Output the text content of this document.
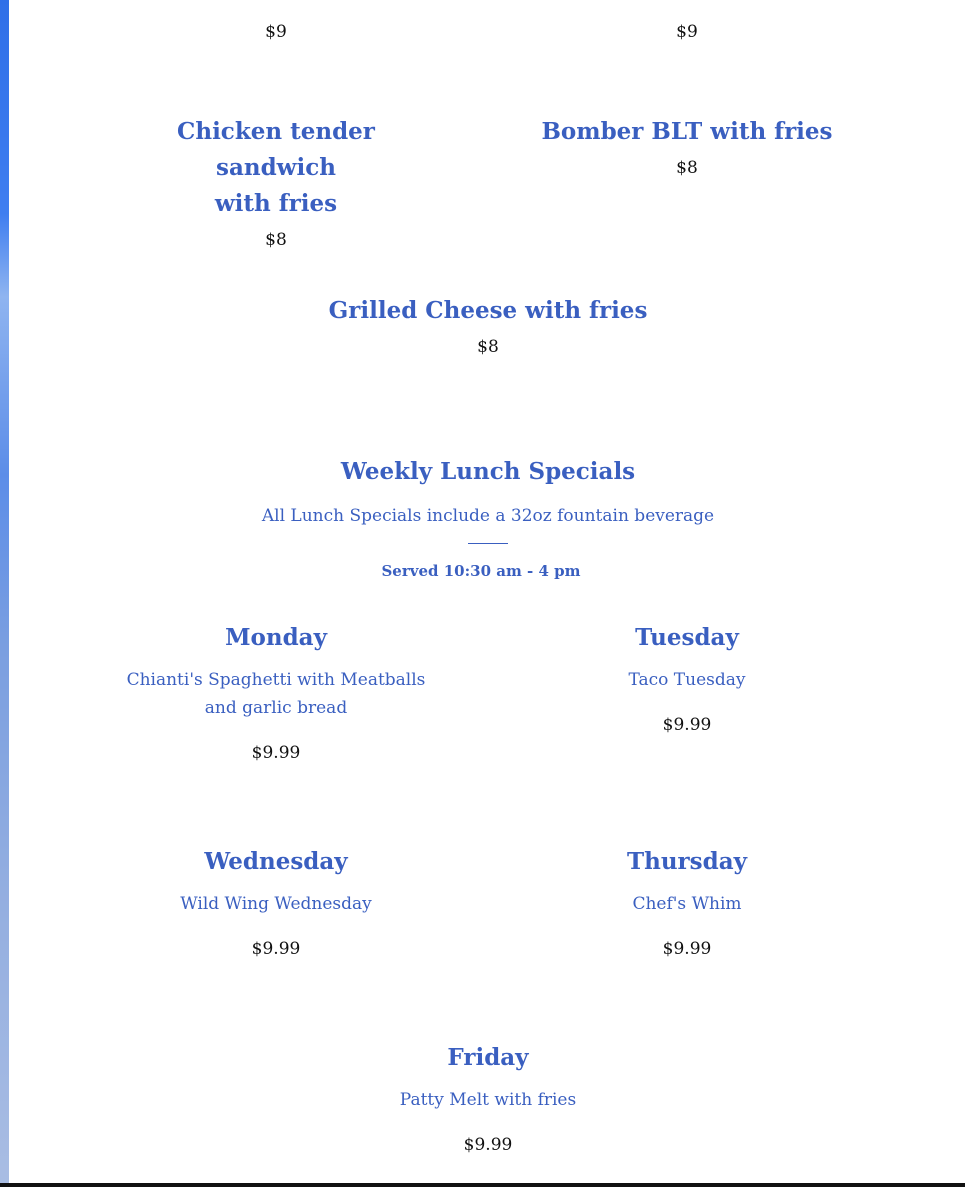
$9	$9

Chicken tender sandwich

with fries

$8

Bomber BLT with fries

$8

Grilled Cheese with fries

$8

Weekly Lunch Specials

All Lunch Specials include a 32oz fountain beverage

Served 10:30 am - 4 pm

Monday

Chianti's Spaghetti with Meatballs

and garlic bread

$9.99

Tuesday

Taco Tuesday

$9.99

Wednesday

Wild Wing Wednesday

$9.99

Thursday

Chef's Whim

$9.99

Friday

Patty Melt with fries

$9.99
